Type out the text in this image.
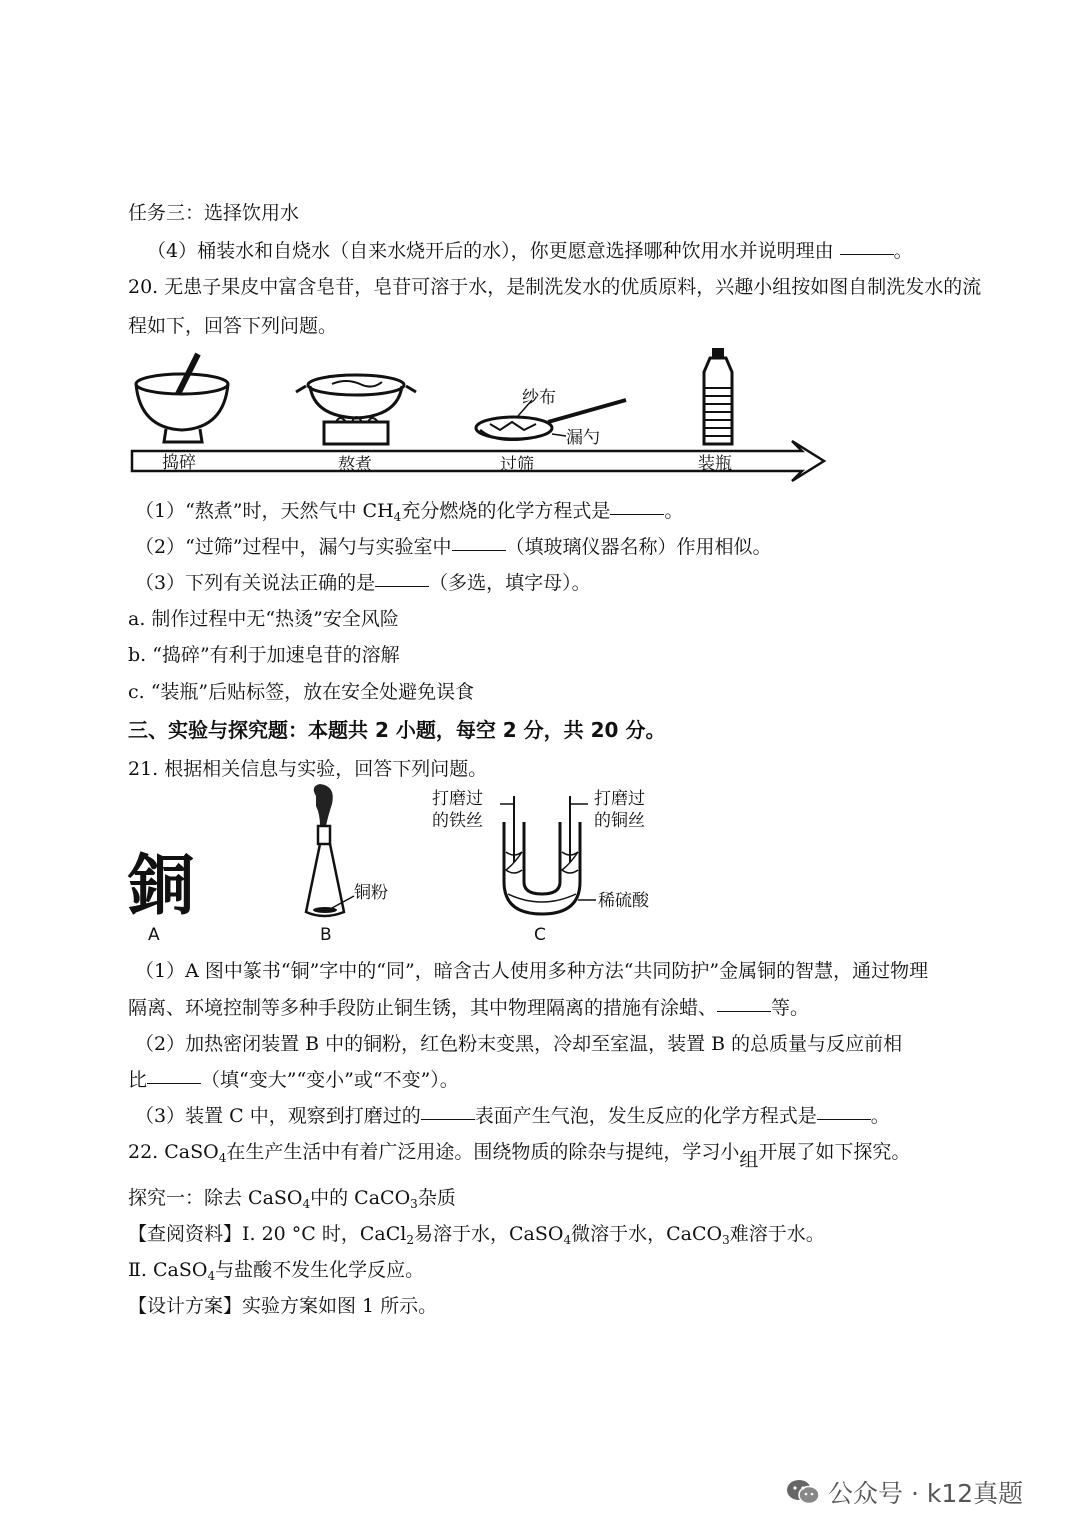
任务三：选择饮用水
（4）桶装水和自烧水（自来水烧开后的水），你更愿意选择哪种饮用水并说明理由	。
20. 无患子果皮中富含皂苷，皂苷可溶于水，是制洗发水的优质原料，兴趣小组按如图自制洗发水的流
程如下，回答下列问题。
纱布
漏勺
捣碎	熬煮	过筛	装瓶
（1）“熬煮”时，天然气中 $CH_4$充分燃烧的化学方程式是	。
（2）“过筛”过程中，漏勺与实验室中	（填玻璃仪器名称）作用相似。
（3）下列有关说法正确的是	（多选，填字母）。
a. 制作过程中无“热烫”安全风险
b. “捣碎”有利于加速皂苷的溶解
c. “装瓶”后贴标签，放在安全处避免误食
三、实验与探究题：本题共 2 小题，每空 2 分，共 20 分。
21. 根据相关信息与实验，回答下列问题。
銅
A
铜粉
B
打磨过
的铁丝
打磨过
的铜丝
稀硫酸
C
（1）A 图中篆书“铜”字中的“同”，暗含古人使用多种方法“共同防护”金属铜的智慧，通过物理
隔离、环境控制等多种手段防止铜生锈，其中物理隔离的措施有涂蜡、	等。
（2）加热密闭装置 B 中的铜粉，红色粉末变黑，冷却至室温，装置 B 的总质量与反应前相
比	（填“变大”“变小”或“不变”）。
（3）装置 C 中，观察到打磨过的	表面产生气泡，发生反应的化学方程式是	。
22. CaSO$_4$在生产生活中有着广泛用途。围绕物质的除杂与提纯，学习小组开展了如下探究。
探究一：除去 CaSO$_4$中的 CaCO$_3$杂质
【查阅资料】Ⅰ. 20 °C 时，CaCl$_2$易溶于水，CaSO$_4$微溶于水，CaCO$_3$难溶于水。
Ⅱ. CaSO$_4$与盐酸不发生化学反应。
【设计方案】实验方案如图 1 所示。
公众号 · k12真题
